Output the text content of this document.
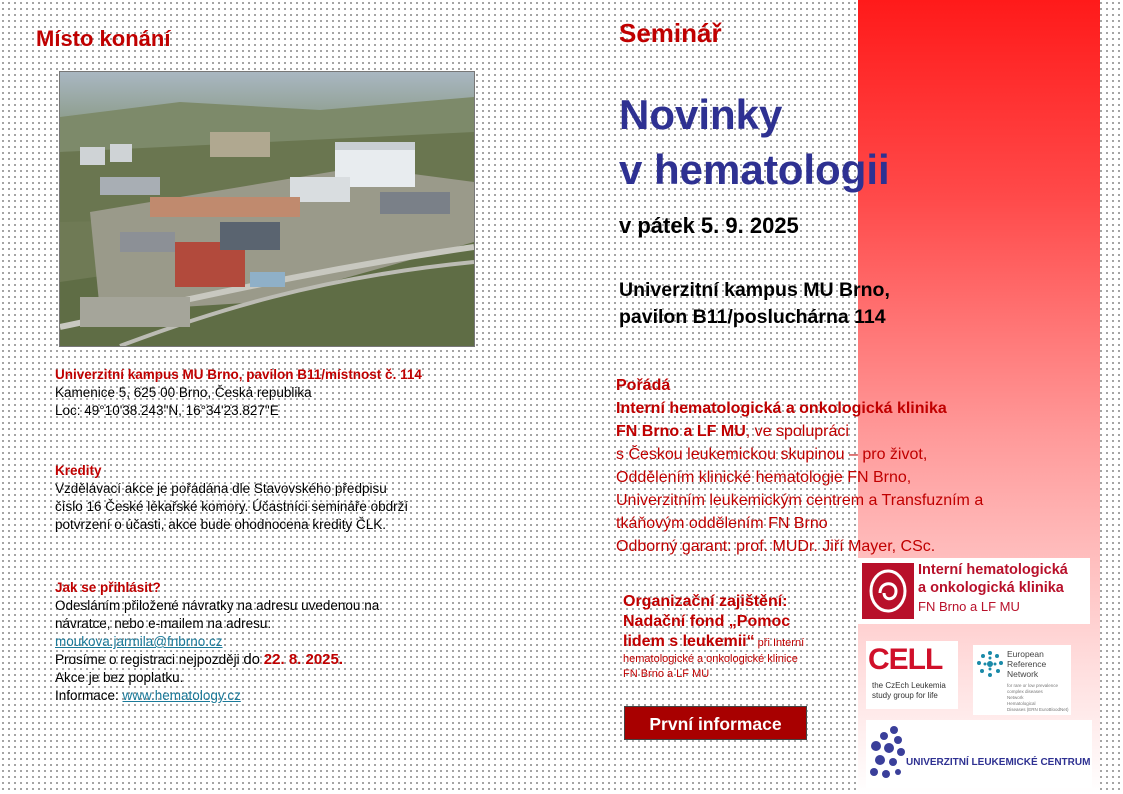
Místo konání
Univerzitní kampus MU Brno, pavilon B11/místnost č. 114
Kamenice 5, 625 00 Brno, Česká republika
Loc: 49°10'38.243"N, 16°34'23.827"E
Kredity
Vzdělávací akce je pořádána dle Stavovského předpisu
číslo 16 České lékařské komory. Účastníci semináře obdrží
potvrzení o účasti, akce bude ohodnocena kredity ČLK.
Jak se přihlásit?
Odesláním přiložené návratky na adresu uvedenou na
návratce, nebo e-mailem na adresu:
moukova.jarmila@fnbrno.cz
Prosíme o registraci nejpozději do 22. 8. 2025.
Akce je bez poplatku.
Informace: www.hematology.cz
Seminář
Novinky
v hematologii
v pátek 5. 9. 2025
Univerzitní kampus MU Brno,
pavilon B11/posluchárna 114
Pořádá
Interní hematologická a onkologická klinika
FN Brno a LF MU, ve spolupráci
s Českou leukemickou skupinou – pro život,
Oddělením klinické hematologie FN Brno,
Univerzitním leukemickým centrem a Transfuzním a
tkáňovým oddělením FN Brno
Odborný garant: prof. MUDr. Jiří Mayer, CSc.
Organizační zajištění:
Nadační fond „Pomoc
lidem s leukemii“ při Interní
hematologické a onkologické klinice
FN Brno a LF MU
První informace
Interní hematologická
a onkologická klinika
FN Brno a LF MU
CELL
the CzEch Leukemia
study group for life
European
Reference
Network
for rare or low prevalence
complex diseases
Network
Hematological
Diseases (ERN EuroBloodNet)
UNIVERZITNÍ LEUKEMICKÉ CENTRUM
